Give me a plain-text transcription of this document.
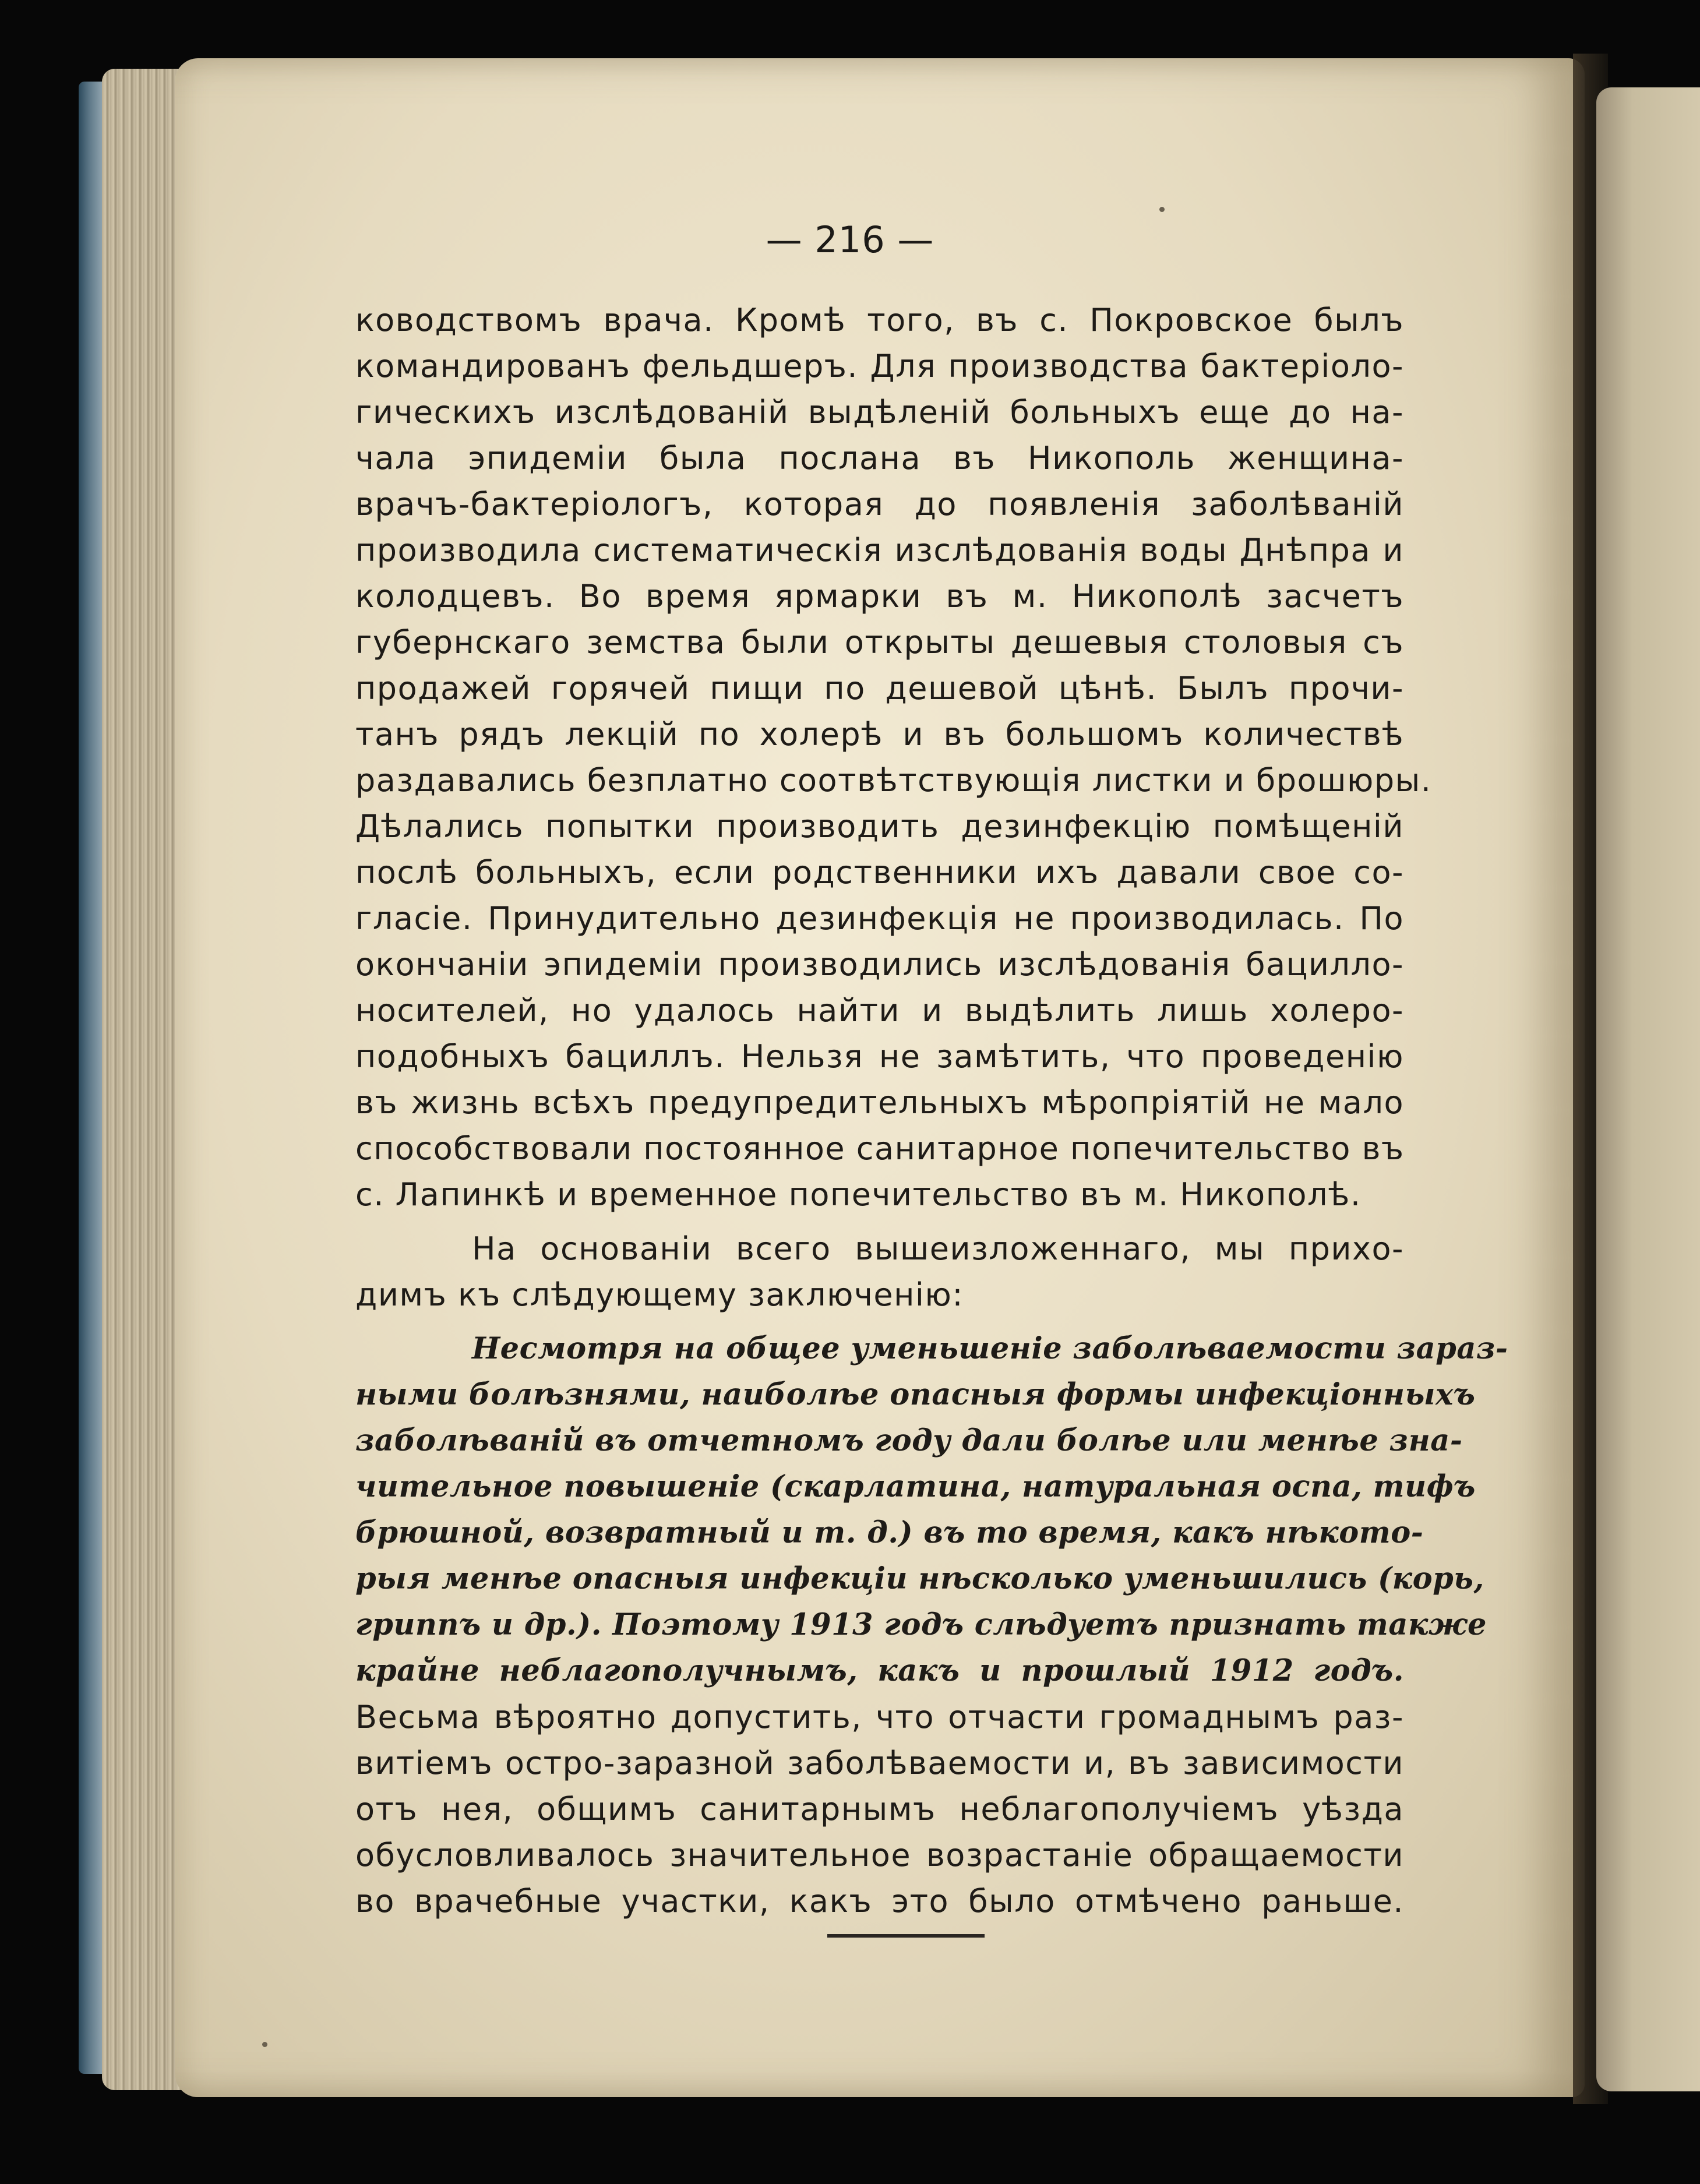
— 216 —
ководствомъ врача. Кромѣ того, въ с. Покровское былъ
командированъ фельдшеръ. Для производства бактеріоло-
гическихъ изслѣдованій выдѣленій больныхъ еще до на-
чала эпидеміи была послана въ Никополь женщина-
врачъ-бактеріологъ, которая до появленія заболѣваній
производила систематическія изслѣдованія воды Днѣпра и
колодцевъ. Во время ярмарки въ м. Никополѣ засчетъ
губернскаго земства были открыты дешевыя столовыя съ
продажей горячей пищи по дешевой цѣнѣ. Былъ прочи-
танъ рядъ лекцій по холерѣ и въ большомъ количествѣ
раздавались безплатно соотвѣтствующія листки и брошюры.
Дѣлались попытки производить дезинфекцію помѣщеній
послѣ больныхъ, если родственники ихъ давали свое со-
гласіе. Принудительно дезинфекція не производилась. По
окончаніи эпидеміи производились изслѣдованія бацилло-
носителей, но удалось найти и выдѣлить лишь холеро-
подобныхъ бациллъ. Нельзя не замѣтить, что проведенію
въ жизнь всѣхъ предупредительныхъ мѣропріятій не мало
способствовали постоянное санитарное попечительство въ
с. Лапинкѣ и временное попечительство въ м. Никополѣ.
На основаніи всего вышеизложеннаго, мы прихо-
димъ къ слѣдующему заключенію:
Несмотря на общее уменьшеніе заболѣваемости зараз-
ными болѣзнями, наиболѣе опасныя формы инфекціонныхъ
заболѣваній въ отчетномъ году дали болѣе или менѣе зна-
чительное повышеніе (скарлатина, натуральная оспа, тифъ
брюшной, возвратный и т. д.) въ то время, какъ нѣкото-
рыя менѣе опасныя инфекціи нѣсколько уменьшились (корь,
гриппъ и др.). Поэтому 1913 годъ слѣдуетъ признать также
крайне неблагополучнымъ, какъ и прошлый 1912 годъ.
Весьма вѣроятно допустить, что отчасти громаднымъ раз-
витіемъ остро-заразной заболѣваемости и, въ зависимости
отъ нея, общимъ санитарнымъ неблагополучіемъ уѣзда
обусловливалось значительное возрастаніе обращаемости
во врачебные участки, какъ это было отмѣчено раньше.
